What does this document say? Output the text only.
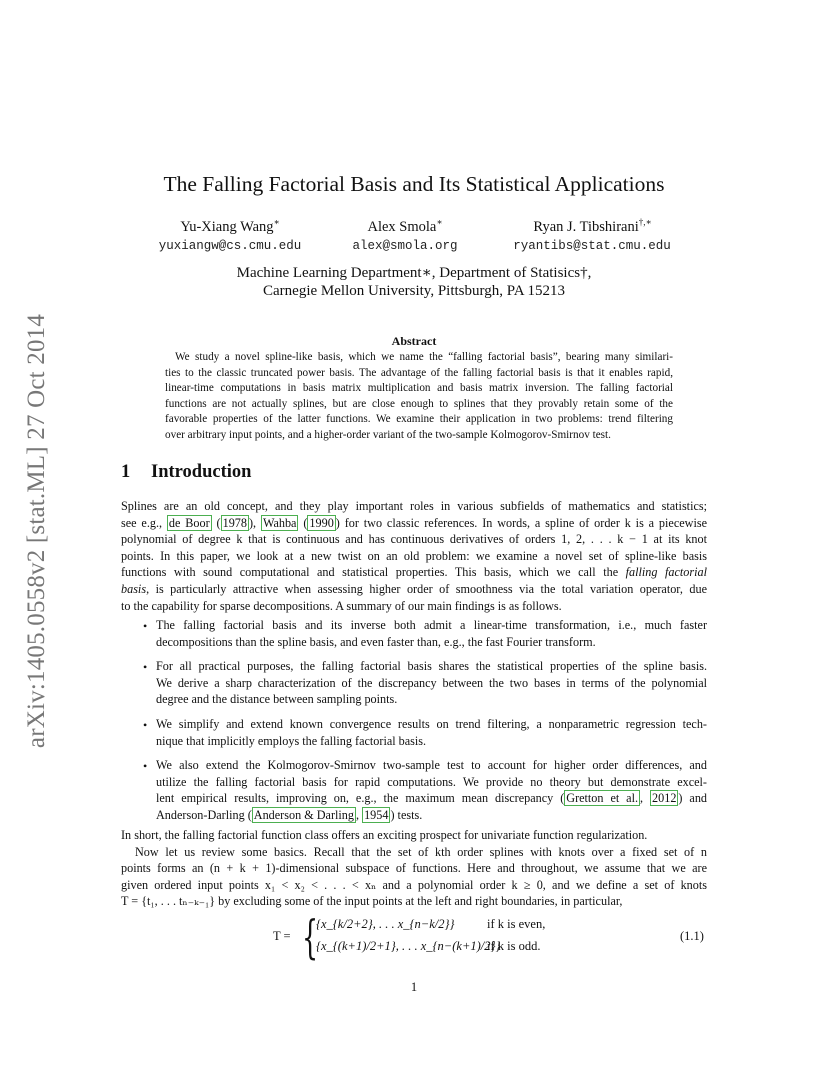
arXiv:1405.0558v2 [stat.ML] 27 Oct 2014
The Falling Factorial Basis and Its Statistical Applications
Yu-Xiang Wang∗
yuxiangw@cs.cmu.edu
Alex Smola∗
alex@smola.org
Ryan J. Tibshirani†,∗
ryantibs@stat.cmu.edu
Machine Learning Department∗, Department of Statisics†,
Carnegie Mellon University, Pittsburgh, PA 15213
Abstract
We study a novel spline-like basis, which we name the “falling factorial basis”, bearing many similari-
ties to the classic truncated power basis. The advantage of the falling factorial basis is that it enables rapid,
linear-time computations in basis matrix multiplication and basis matrix inversion. The falling factorial
functions are not actually splines, but are close enough to splines that they provably retain some of the
favorable properties of the latter functions. We examine their application in two problems: trend filtering
over arbitrary input points, and a higher-order variant of the two-sample Kolmogorov-Smirnov test.
1 Introduction
Splines are an old concept, and they play important roles in various subfields of mathematics and statistics;
see e.g., de Boor ( 1978 ), Wahba ( 1990 ) for two classic references. In words, a spline of order k is a piecewise
polynomial of degree k that is continuous and has continuous derivatives of orders 1, 2, . . . k − 1 at its knot
points. In this paper, we look at a new twist on an old problem: we examine a novel set of spline-like basis
functions with sound computational and statistical properties. This basis, which we call the falling factorial
basis, is particularly attractive when assessing higher order of smoothness via the total variation operator, due
to the capability for sparse decompositions. A summary of our main findings is as follows.
• The falling factorial basis and its inverse both admit a linear-time transformation, i.e., much faster
decompositions than the spline basis, and even faster than, e.g., the fast Fourier transform.
• For all practical purposes, the falling factorial basis shares the statistical properties of the spline basis.
We derive a sharp characterization of the discrepancy between the two bases in terms of the polynomial
degree and the distance between sampling points.
• We simplify and extend known convergence results on trend filtering, a nonparametric regression tech-
nique that implicitly employs the falling factorial basis.
• We also extend the Kolmogorov-Smirnov two-sample test to account for higher order differences, and
utilize the falling factorial basis for rapid computations. We provide no theory but demonstrate excel-
lent empirical results, improving on, e.g., the maximum mean discrepancy ( Gretton et al. , 2012 ) and
Anderson-Darling ( Anderson & Darling , 1954 ) tests.
In short, the falling factorial function class offers an exciting prospect for univariate function regularization.
Now let us review some basics. Recall that the set of kth order splines with knots over a fixed set of n
points forms an (n + k + 1)-dimensional subspace of functions. Here and throughout, we assume that we are
given ordered input points x₁ < x₂ < . . . < xₙ and a polynomial order k ≥ 0, and we define a set of knots
T = {t₁, . . . tₙ₋ₖ₋₁} by excluding some of the input points at the left and right boundaries, in particular,
T = {
{x_{k/2+2}, . . . x_{n−k/2}}	if k is even,
{x_{(k+1)/2+1}, . . . x_{n−(k+1)/2}}
if k is odd.
(1.1)
1
